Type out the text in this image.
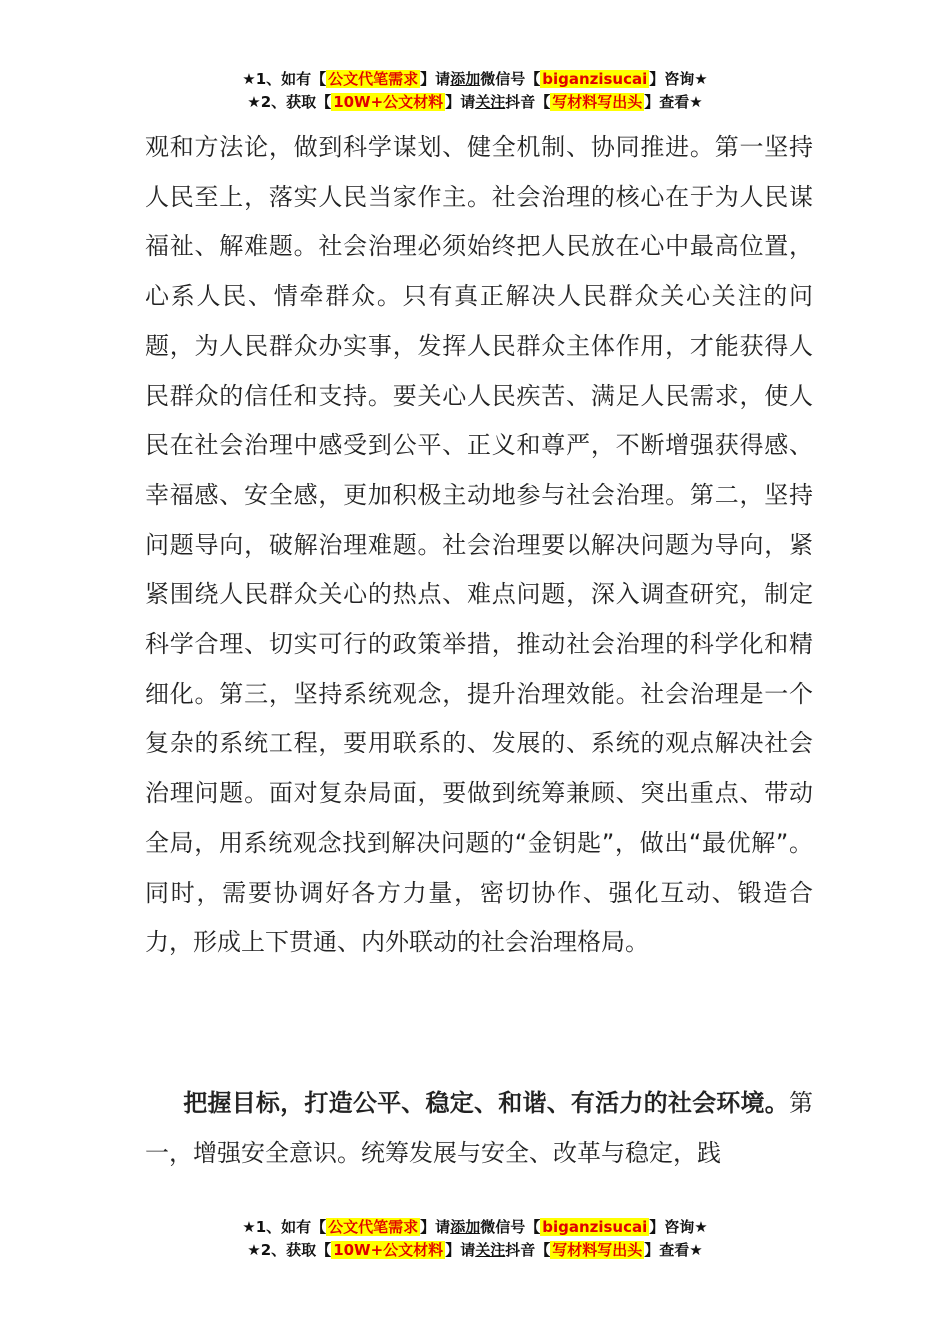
★1、如有【 公文代笔需求 】请添加微信号【 biganzisucai 】咨询★
★2、获取【 10W+公文材料 】请关注抖音【 写材料写出头 】查看★
观和方法论，做到科学谋划、健全机制、协同推进。第一坚持人民至上，落实人民当家作主。社会治理的核心在于为人民谋福祉、解难题。社会治理必须始终把人民放在心中最高位置，心系人民、情牵群众。只有真正解决人民群众关心关注的问题，为人民群众办实事，发挥人民群众主体作用，才能获得人民群众的信任和支持。要关心人民疾苦、满足人民需求，使人民在社会治理中感受到公平、正义和尊严，不断增强获得感、幸福感、安全感，更加积极主动地参与社会治理。第二，坚持问题导向，破解治理难题。社会治理要以解决问题为导向，紧紧围绕人民群众关心的热点、难点问题，深入调查研究，制定科学合理、切实可行的政策举措，推动社会治理的科学化和精细化。第三，坚持系统观念，提升治理效能。社会治理是一个复杂的系统工程，要用联系的、发展的、系统的观点解决社会治理问题。面对复杂局面，要做到统筹兼顾、突出重点、带动全局，用系统观念找到解决问题的“金钥匙”，做出“最优解”。同时，需要协调好各方力量，密切协作、强化互动、锻造合力，形成上下贯通、内外联动的社会治理格局。
把握目标，打造公平、稳定、和谐、有活力的社会环境。第一，增强安全意识。统筹发展与安全、改革与稳定，践
★1、如有【 公文代笔需求 】请添加微信号【 biganzisucai 】咨询★
★2、获取【 10W+公文材料 】请关注抖音【 写材料写出头 】查看★
